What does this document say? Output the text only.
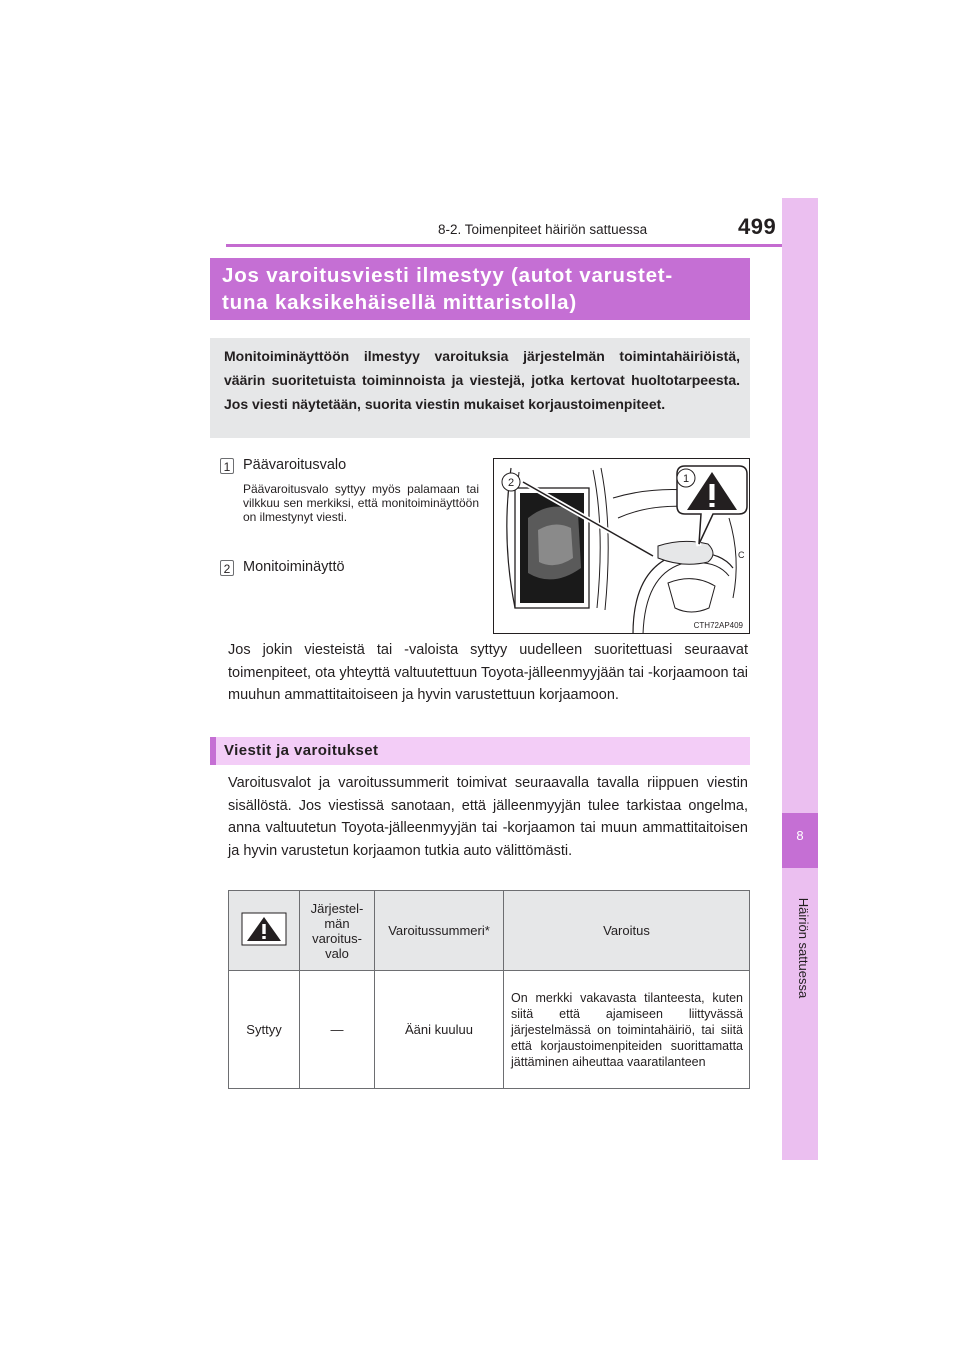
8-2. Toimenpiteet häiriön sattuessa	499
8
Häiriön sattuessa
Jos varoitusviesti ilmestyy (autot varustet-
tuna kaksikehäisellä mittaristolla)
Monitoiminäyttöön ilmestyy varoituksia järjestelmän toimintahäiriöistä, väärin suoritetuista toiminnoista ja viestejä, jotka kertovat huoltotarpeesta. Jos viesti näytetään, suorita viestin mukaiset korjaustoimenpiteet.
1 Päävaroitusvalo
Päävaroitusvalo syttyy myös palamaan tai vilkkuu sen merkiksi, että monitoiminäyttöön on ilmestynyt viesti.
2 Monitoiminäyttö
C
2	1
CTH72AP409
Jos jokin viesteistä tai -valoista syttyy uudelleen suoritettuasi seuraavat toimenpiteet, ota yhteyttä valtuutettuun Toyota-jälleenmyyjään tai -korjaamoon tai muuhun ammattitaitoiseen ja hyvin varustettuun korjaamoon.
Viestit ja varoitukset
Varoitusvalot ja varoitussummerit toimivat seuraavalla tavalla riippuen viestin sisällöstä. Jos viestissä sanotaan, että jälleenmyyjän tulee tarkistaa ongelma, anna valtuutetun Toyota-jälleenmyyjän tai -korjaamon tai muun ammattitaitoisen ja hyvin varustetun korjaamon tutkia auto välittömästi.
	Järjestel-män varoitus-valo	Varoitussummeri*	Varoitus
Syttyy	—	Ääni kuuluu	On merkki vakavasta tilanteesta, kuten siitä että ajamiseen liittyvässä järjestelmässä on toimintahäiriö, tai siitä että korjaustoimenpiteiden suorittamatta jättäminen aiheuttaa vaaratilanteen
